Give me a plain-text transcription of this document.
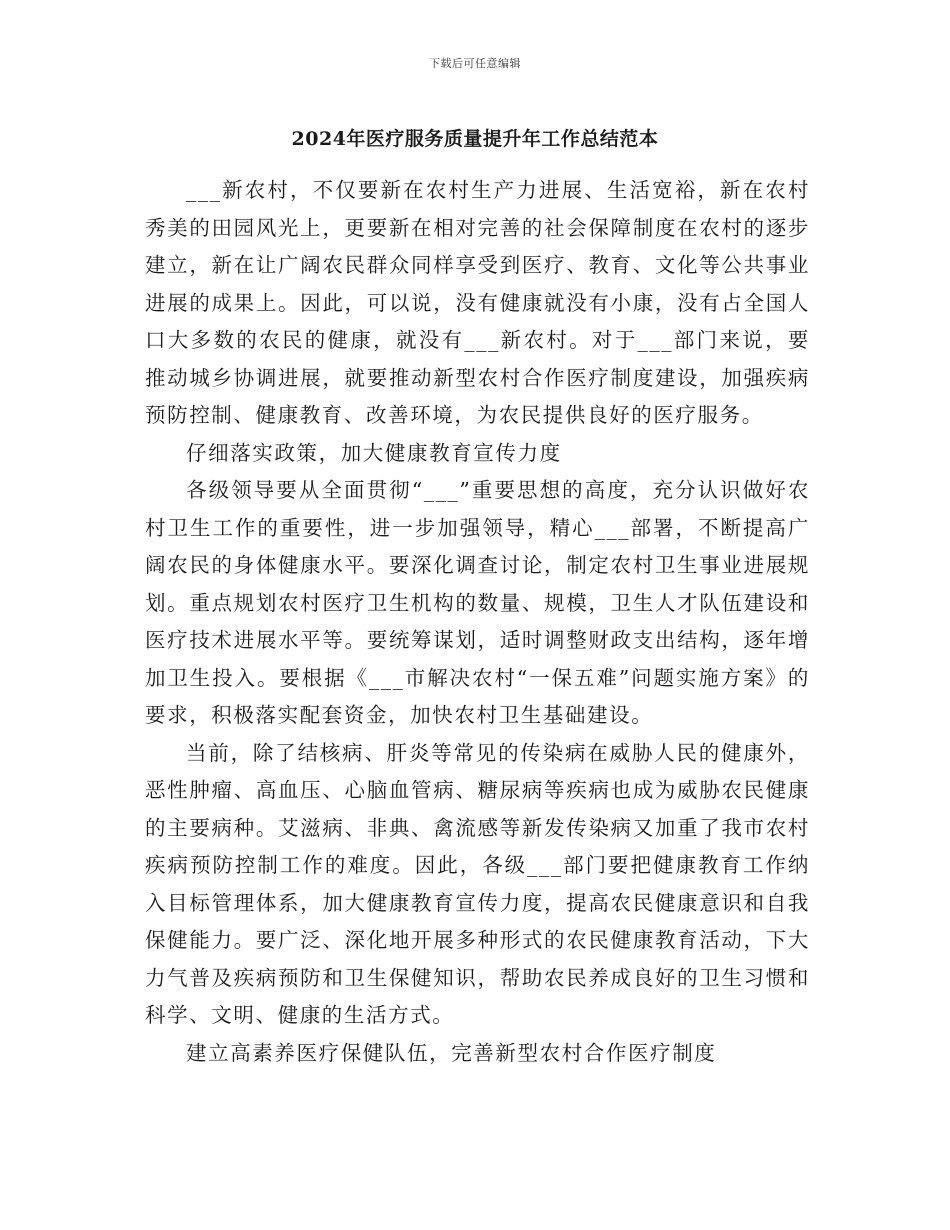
下载后可任意编辑
2024年医疗服务质量提升年工作总结范本

___新农村，不仅要新在农村生产力进展、生活宽裕，新在农村秀美的田园风光上，更要新在相对完善的社会保障制度在农村的逐步建立，新在让广阔农民群众同样享受到医疗、教育、文化等公共事业进展的成果上。因此，可以说，没有健康就没有小康，没有占全国人口大多数的农民的健康，就没有___新农村。对于___部门来说，要推动城乡协调进展，就要推动新型农村合作医疗制度建设，加强疾病预防控制、健康教育、改善环境，为农民提供良好的医疗服务。

仔细落实政策，加大健康教育宣传力度

各级领导要从全面贯彻“___”重要思想的高度，充分认识做好农村卫生工作的重要性，进一步加强领导，精心___部署，不断提高广阔农民的身体健康水平。要深化调查讨论，制定农村卫生事业进展规划。重点规划农村医疗卫生机构的数量、规模，卫生人才队伍建设和医疗技术进展水平等。要统筹谋划，适时调整财政支出结构，逐年增加卫生投入。要根据《___市解决农村“一保五难”问题实施方案》的要求，积极落实配套资金，加快农村卫生基础建设。

当前，除了结核病、肝炎等常见的传染病在威胁人民的健康外，恶性肿瘤、高血压、心脑血管病、糖尿病等疾病也成为威胁农民健康的主要病种。艾滋病、非典、禽流感等新发传染病又加重了我市农村疾病预防控制工作的难度。因此，各级___部门要把健康教育工作纳入目标管理体系，加大健康教育宣传力度，提高农民健康意识和自我保健能力。要广泛、深化地开展多种形式的农民健康教育活动，下大力气普及疾病预防和卫生保健知识，帮助农民养成良好的卫生习惯和科学、文明、健康的生活方式。

建立高素养医疗保健队伍，完善新型农村合作医疗制度
